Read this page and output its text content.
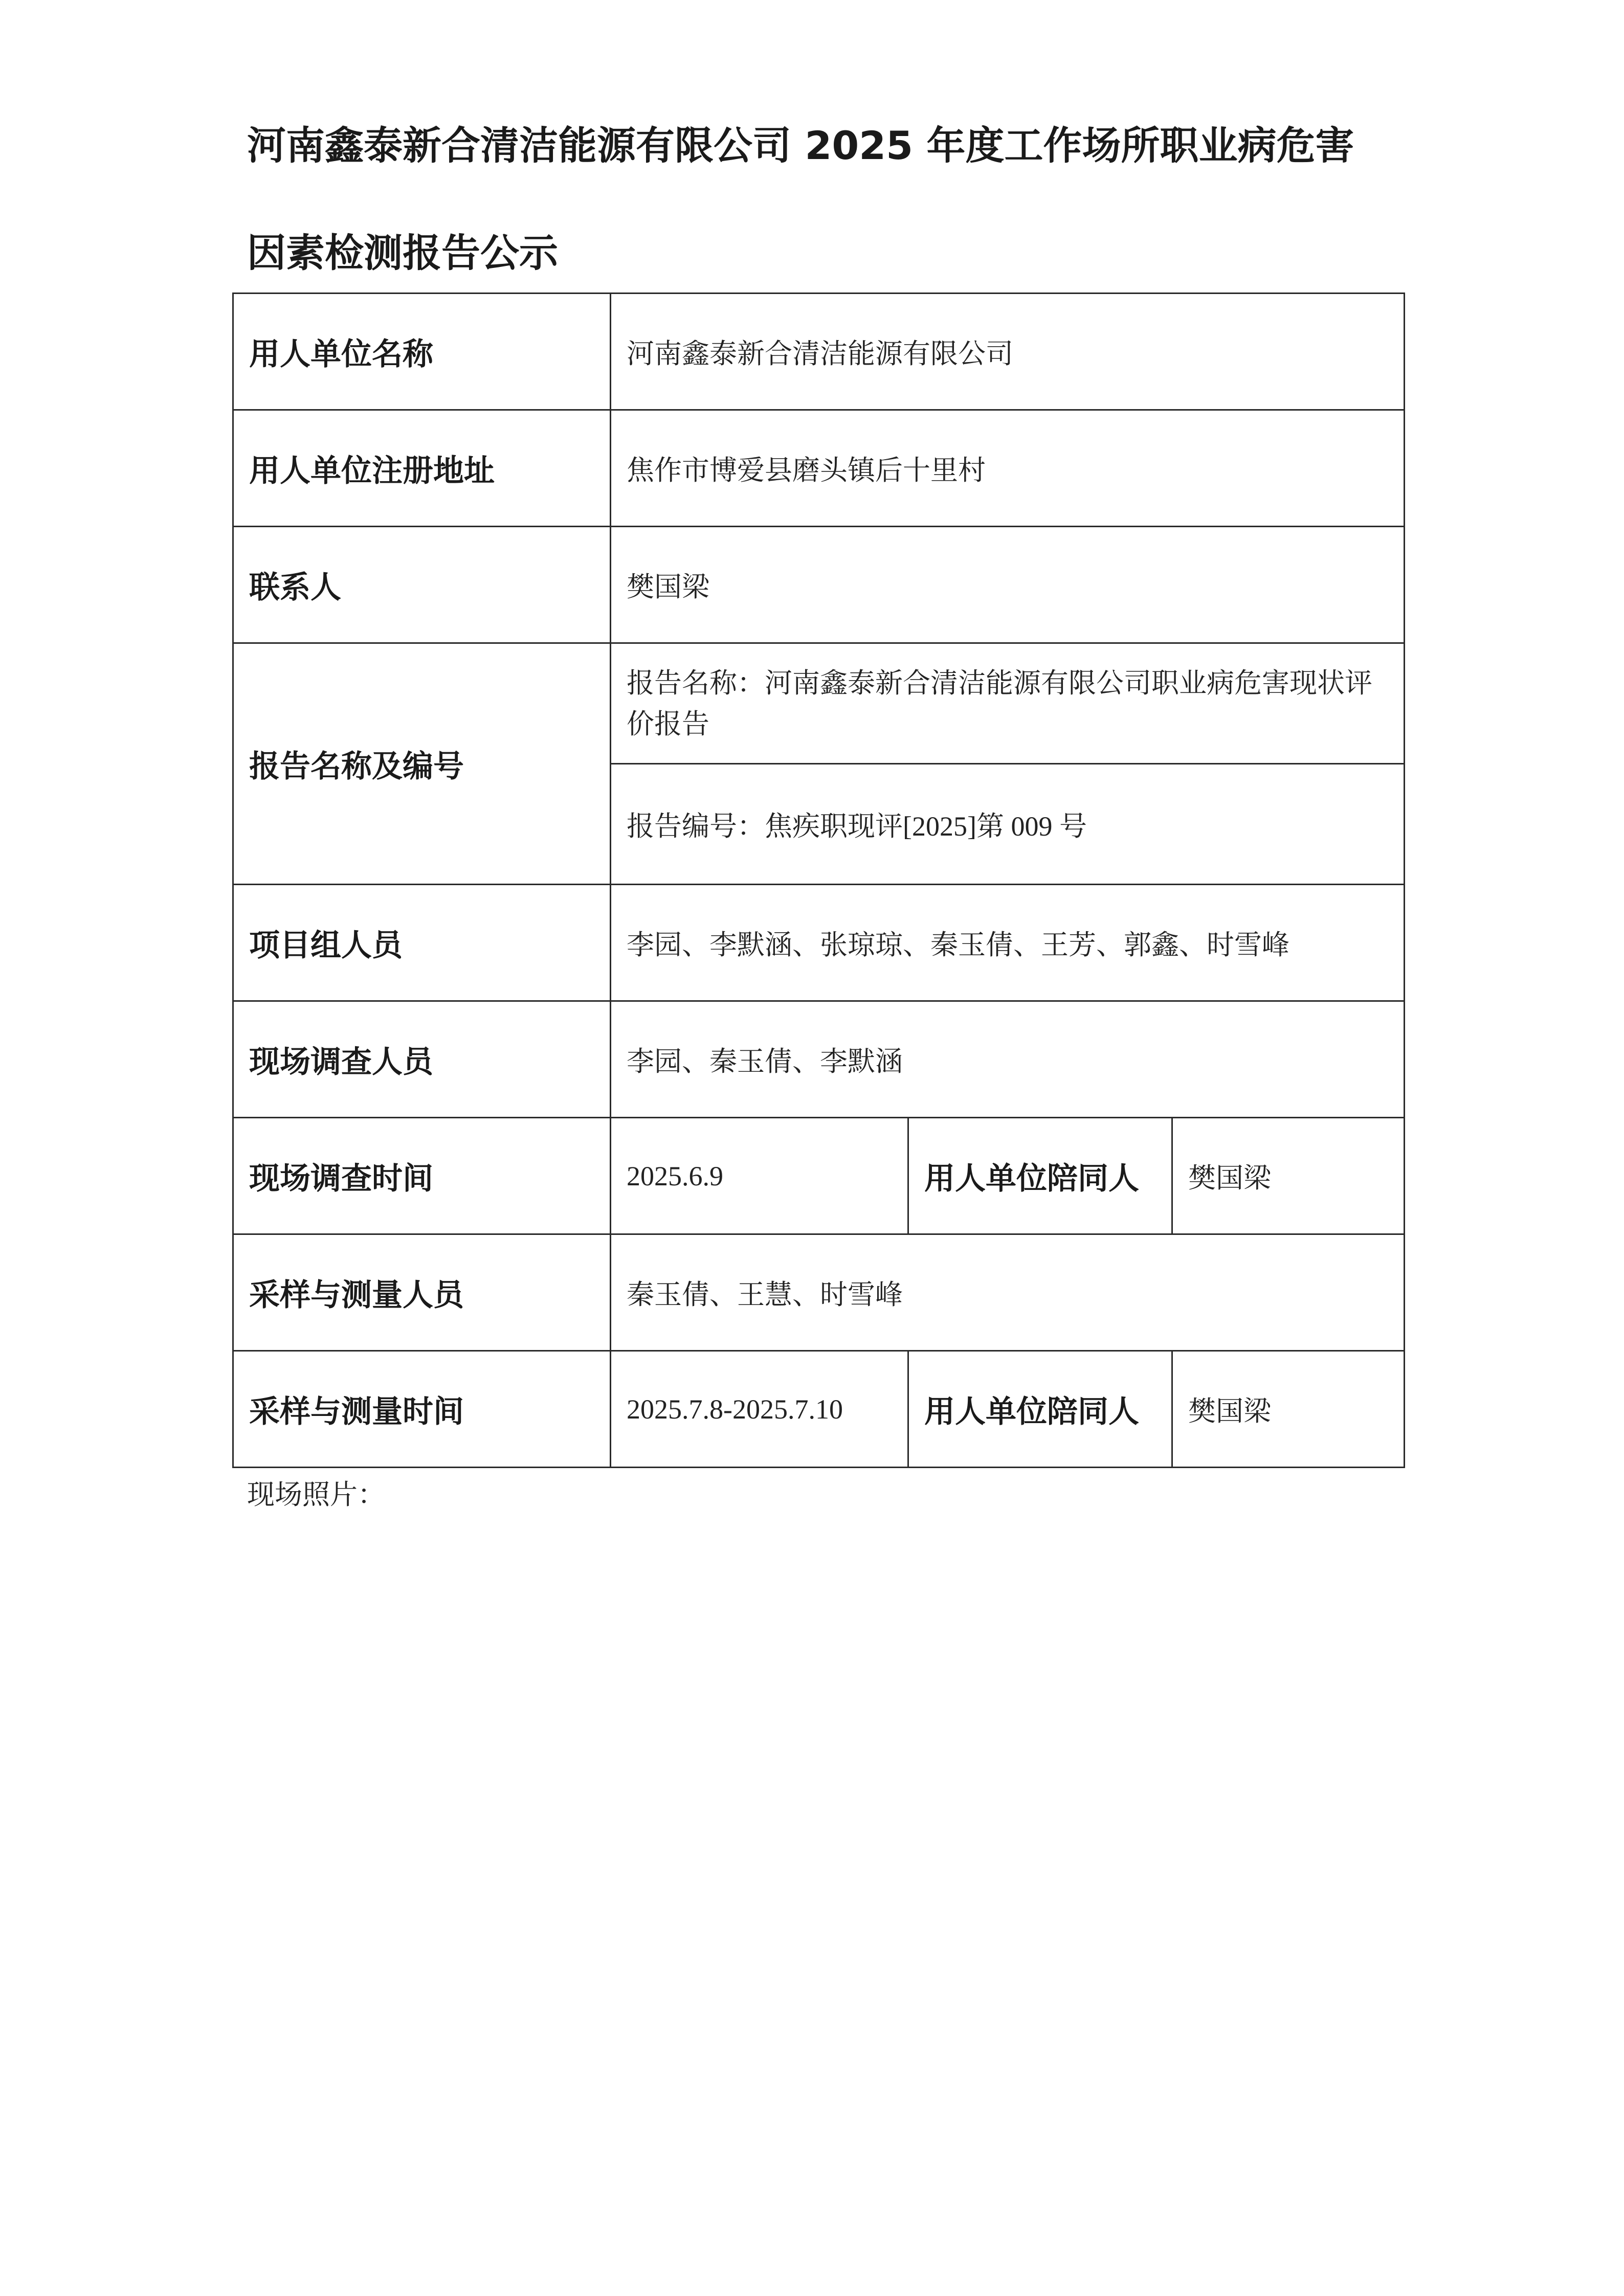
河南鑫泰新合清洁能源有限公司 2025 年度工作场所职业病危害
因素检测报告公示
用人单位名称	河南鑫泰新合清洁能源有限公司		
用人单位注册地址	焦作市博爱县磨头镇后十里村		
联系人	樊国梁		
报告名称及编号	报告名称：河南鑫泰新合清洁能源有限公司职业病危害现状评价报告		
	报告编号：焦疾职现评[2025]第 009 号		
项目组人员	李园、李默涵、张琼琼、秦玉倩、王芳、郭鑫、时雪峰		
现场调查人员	李园、秦玉倩、李默涵		
现场调查时间	2025.6.9	用人单位陪同人	樊国梁
采样与测量人员	秦玉倩、王慧、时雪峰		
采样与测量时间	2025.7.8-2025.7.10	用人单位陪同人	樊国梁
现场照片：
